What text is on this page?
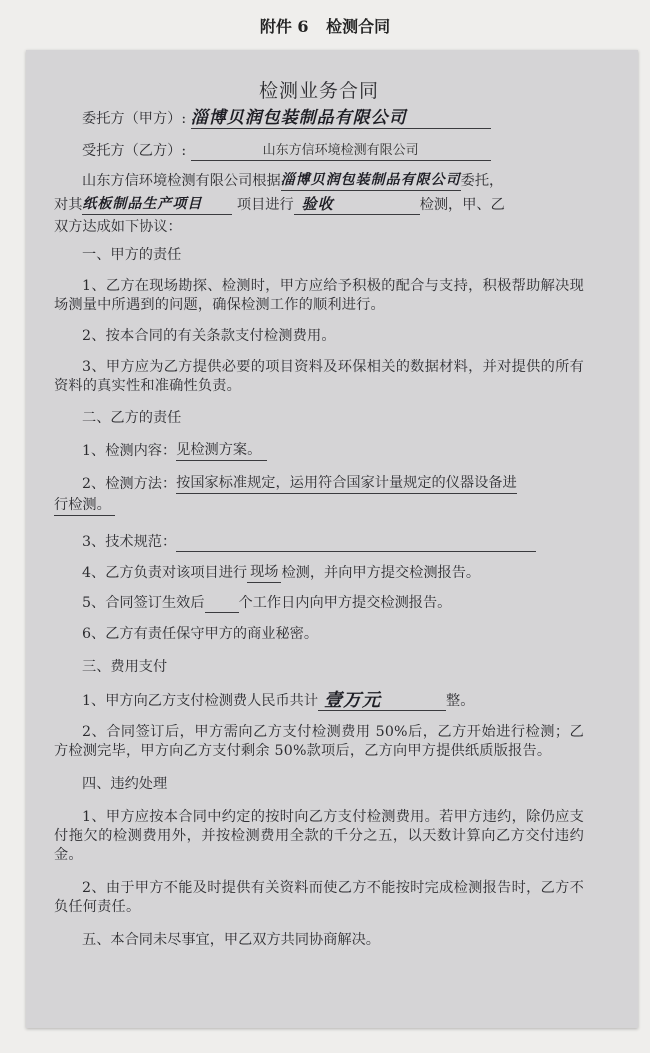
附件 6 检测合同
检测业务合同
委托方（甲方）: 淄博贝润包装制品有限公司
受托方（乙方）:	山东方信环境检测有限公司
山东方信环境检测有限公司根据淄博贝润包装制品有限公司委托，
对其纸板制品生产项目 项目进行 验收	检测，甲、乙
双方达成如下协议：
一、甲方的责任
1、乙方在现场勘探、检测时，甲方应给予积极的配合与支持，积极帮助解决现场测量中所遇到的问题，确保检测工作的顺利进行。
2、按本合同的有关条款支付检测费用。
3、甲方应为乙方提供必要的项目资料及环保相关的数据材料，并对提供的所有资料的真实性和准确性负责。
二、乙方的责任
1、检测内容：见检测方案。
2、检测方法：按国家标准规定，运用符合国家计量规定的仪器设备进
行检测。
3、技术规范：
4、乙方负责对该项目进行 现场 检测，并向甲方提交检测报告。
5、合同签订生效后 个工作日内向甲方提交检测报告。
6、乙方有责任保守甲方的商业秘密。
三、费用支付
1、甲方向乙方支付检测费人民币共计 壹万元	整。
2、合同签订后，甲方需向乙方支付检测费用 50%后，乙方开始进行检测；乙方检测完毕，甲方向乙方支付剩余 50%款项后，乙方向甲方提供纸质版报告。
四、违约处理
1、甲方应按本合同中约定的按时向乙方支付检测费用。若甲方违约，除仍应支付拖欠的检测费用外，并按检测费用全款的千分之五，以天数计算向乙方交付违约金。
2、由于甲方不能及时提供有关资料而使乙方不能按时完成检测报告时，乙方不负任何责任。
五、本合同未尽事宜，甲乙双方共同协商解决。
